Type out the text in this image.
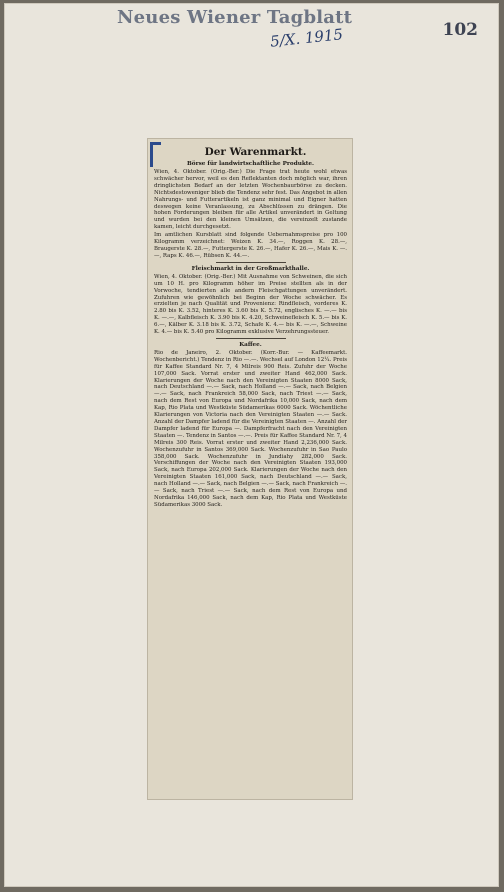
Neues Wiener Tagblatt
102
5/X. 1915
Der Warenmarkt.
Börse für landwirtschaftliche Produkte.

Wien, 4. Oktober. (Orig.-Ber.) Die Frage trat heute wohl etwas schwächer hervor, weil es den Reflektanten doch möglich war, ihren dringlichsten Bedarf an der letzten Wochenbaurbörse zu decken. Nichtsdestoweniger blieb die Tendenz sehr fest. Das Angebot in allen Nahrungs- und Futterartikeln ist ganz minimal und Eigner hatten deswegen keine Veranlassung, zu Abschlüssen zu drängen. Die hohen Forderungen bleiben für alle Artikel unverändert in Geltung und wurden bei den kleinen Umsätzen, die vereinzelt zustande kamen, leicht durchgesetzt.

Im amtlichen Kursblatt sind folgende Uebernahmspreise pro 100 Kilogramm verzeichnet: Weizen K. 34.—, Roggen K. 28.—, Braugerste K. 28.—, Futtergerste K. 26.—, Hafer K. 26.—, Mais K. —.—, Raps K. 46.—, Rübsen K. 44.—.

Fleischmarkt in der Großmarkthalle.

Wien, 4. Oktober. (Orig.-Ber.) Mit Ausnahme von Schweinen, die sich um 10 H. pro Kilogramm höher im Preise stellten als in der Vorwoche, tendierten alle andern Fleischgattungen unverändert. Zufuhren wie gewöhnlich bei Beginn der Woche schwächer. Es erzielten je nach Qualität und Provenienz: Rindfleisch, vorderes K. 2.80 bis K. 3.52, hinteres K. 3.60 bis K. 5.72, englisches K. —.— bis K. —.—, Kalbfleisch K. 3.90 bis K. 4.20, Schweinefleisch K. 5.— bis K. 6.—, Kälber K. 3.18 bis K. 3.72, Schafe K. 4.— bis K. —.—, Schweine K. 4.— bis K. 5.40 pro Kilogramm exklusive Verzehrungssteuer.

Kaffee.

Rio de Janeiro, 2. Oktober. (Korr.-Bur. — Kaffeemarkt. Wochenbericht.) Tendenz in Rio —.—. Wechsel auf London 12¼. Preis für Kaffee Standard Nr. 7, 4 Milreis 900 Reis. Zufuhr der Woche 107,000 Sack. Vorrat erster und zweiter Hand 462,000 Sack. Klarierungen der Woche nach den Vereinigten Staaten 8000 Sack, nach Deutschland —.— Sack, nach Holland —.— Sack, nach Belgien —.— Sack, nach Frankreich 58,000 Sack, nach Triest —.— Sack, nach dem Rest von Europa und Nordafrika 10,000 Sack, nach dem Kap, Rio Plata und Westküste Südamerikas 6000 Sack. Wöchentliche Klarierungen von Victoria nach den Vereinigten Staaten —.— Sack. Anzahl der Dampfer ladend für die Vereinigten Staaten —. Anzahl der Dampfer ladend für Europa —. Dampferfracht nach den Vereinigten Staaten —. Tendenz in Santos —.—. Preis für Kaffee Standard Nr. 7, 4 Milreis 300 Reis. Vorrat erster und zweiter Hand 2,236,000 Sack. Wochenzufuhr in Santos 369,000 Sack. Wochenzufuhr in Sao Paulo 358,000 Sack. Wochenzufuhr in Jundiahy 282,000 Sack. Verschiffungen der Woche nach den Vereinigten Staaten 193,000 Sack, nach Europa 202,000 Sack. Klarierungen der Woche nach den Vereinigten Staaten 161,000 Sack, nach Deutschland —.— Sack, nach Holland —.— Sack, nach Belgien —.— Sack, nach Frankreich —.— Sack, nach Triest —.— Sack, nach dem Rest von Europa und Nordafrika 146,000 Sack, nach dem Kap, Rio Plata und Westküste Südamerikas 3000 Sack.
